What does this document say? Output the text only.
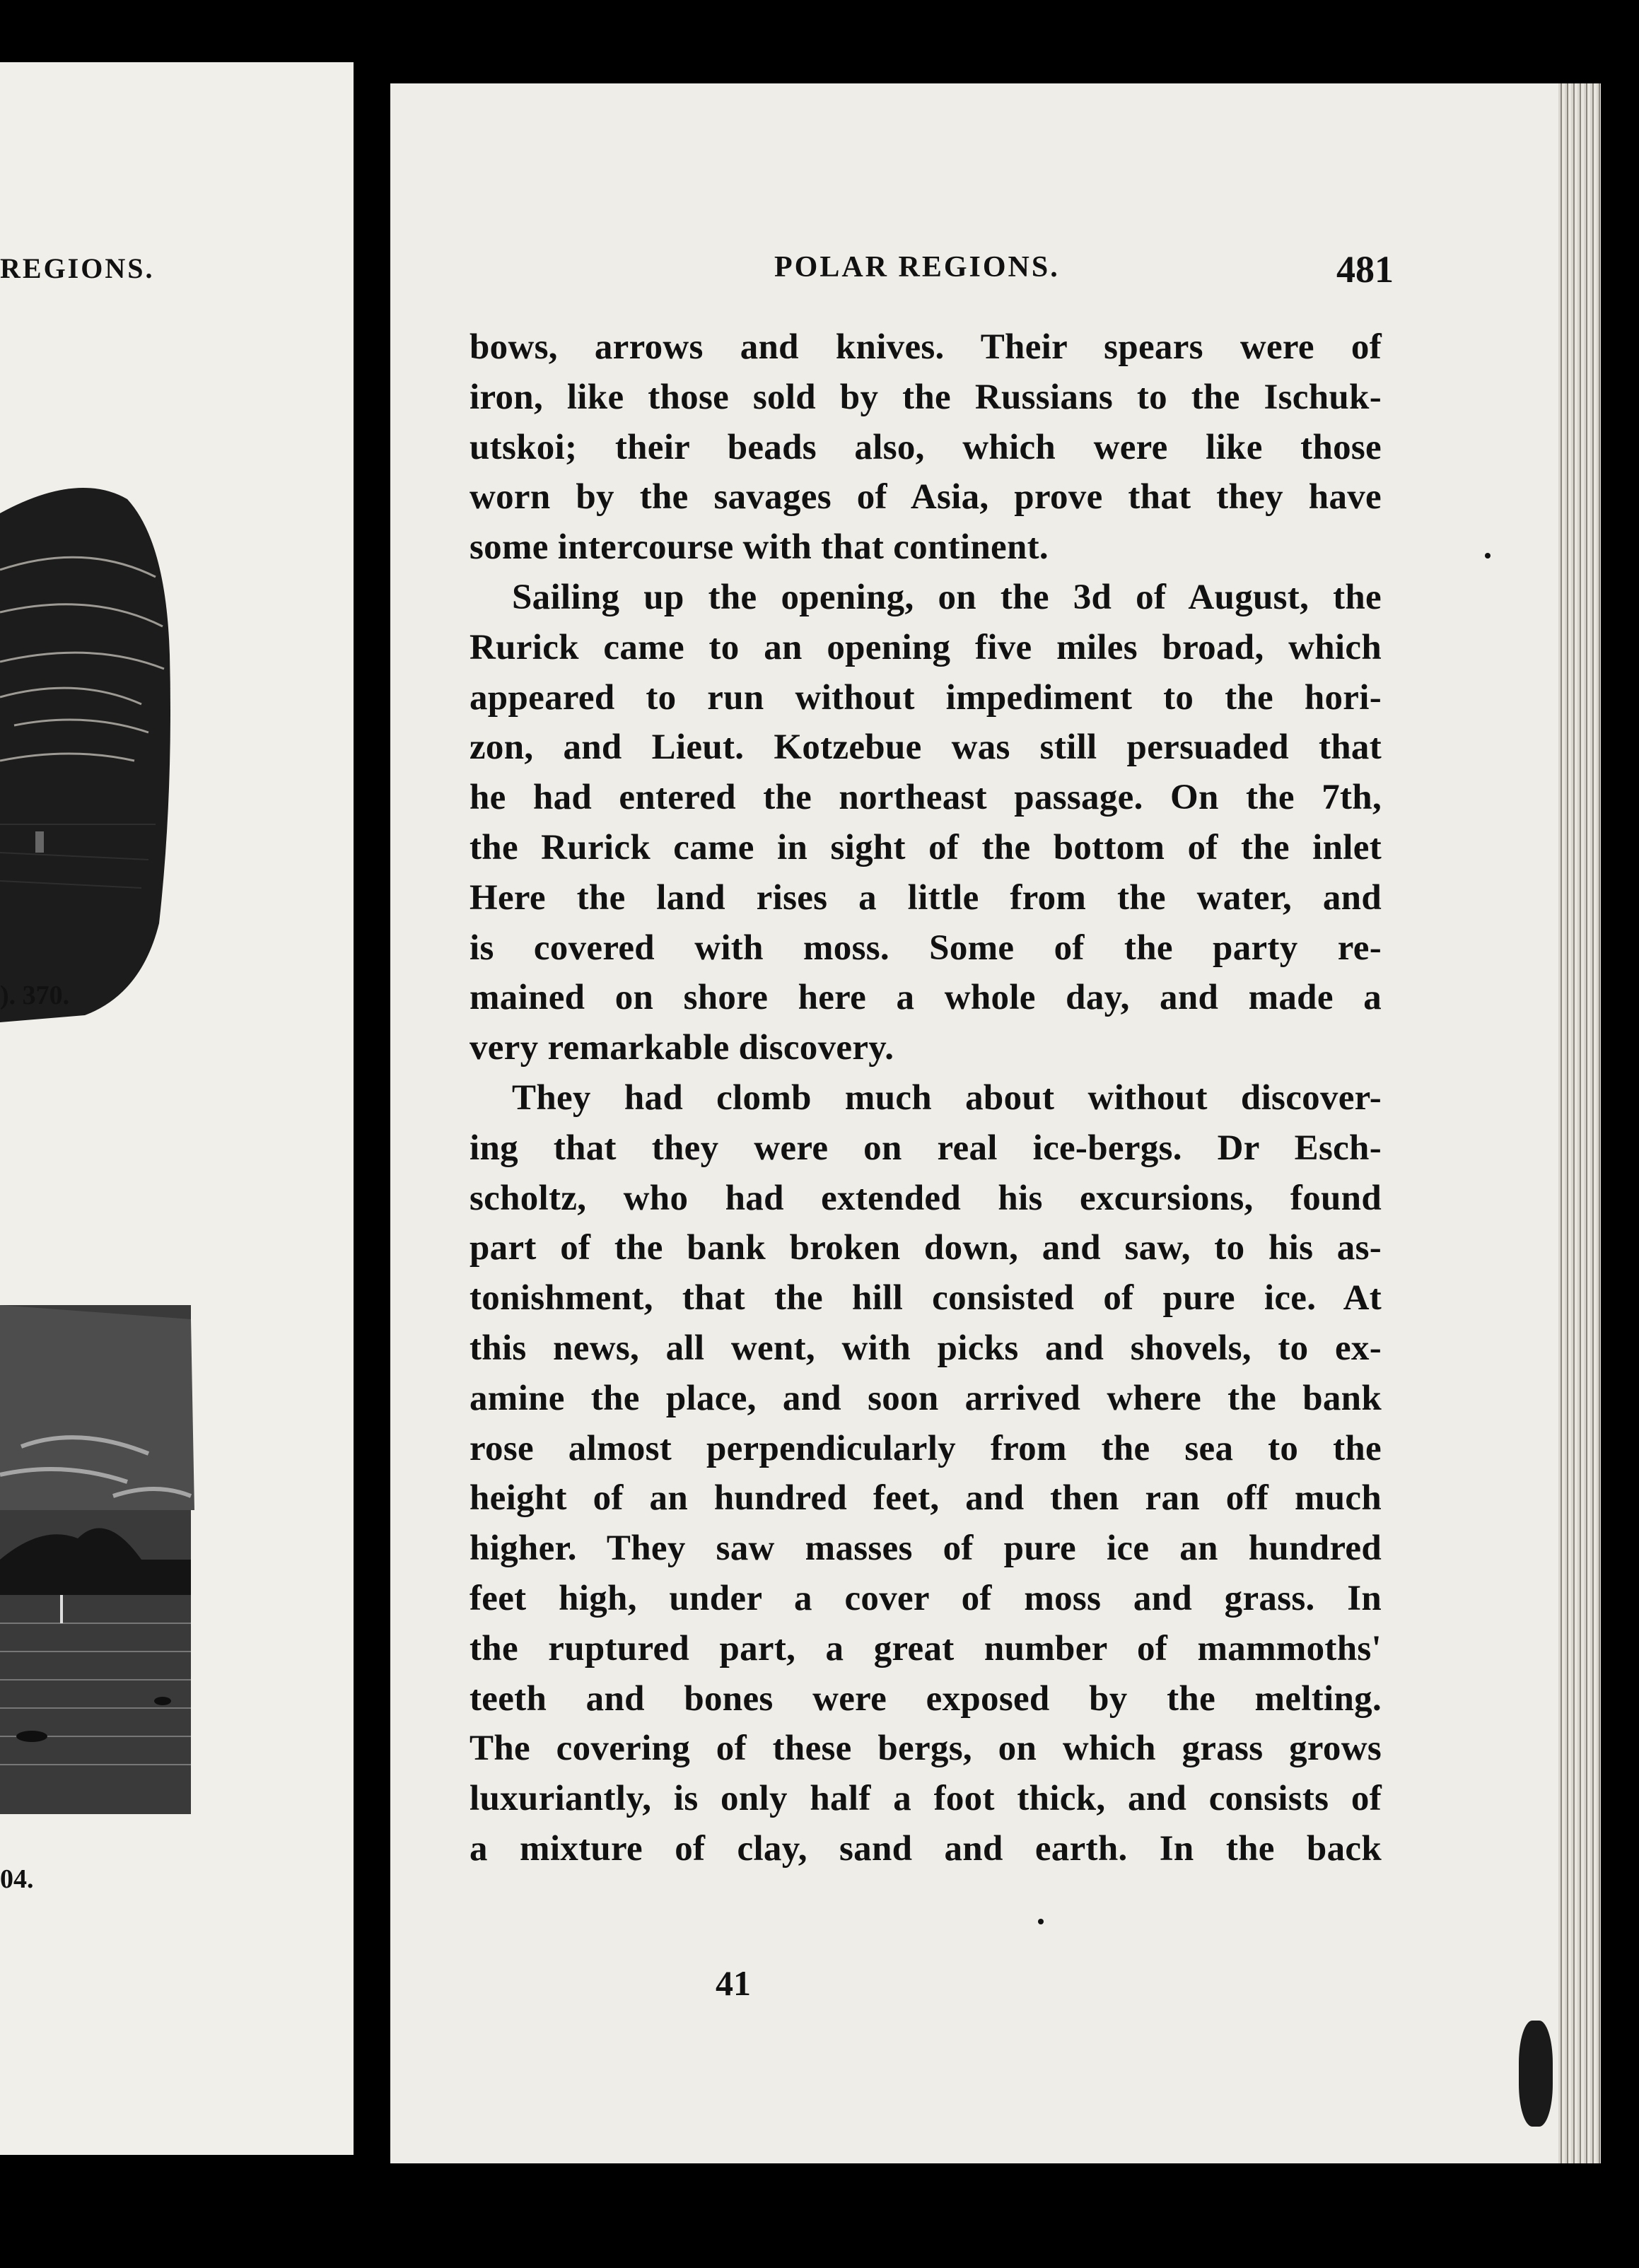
REGIONS.
). 370.
04.
POLAR REGIONS.	481
bows, arrows and knives. Their spears were of
iron, like those sold by the Russians to the Ischuk-
utskoi; their beads also, which were like those
worn by the savages of Asia, prove that they have
some intercourse with that continent.
Sailing up the opening, on the 3d of August, the
Rurick came to an opening five miles broad, which
appeared to run without impediment to the hori-
zon, and Lieut. Kotzebue was still persuaded that
he had entered the northeast passage. On the 7th,
the Rurick came in sight of the bottom of the inlet
Here the land rises a little from the water, and
is covered with moss. Some of the party re-
mained on shore here a whole day, and made a
very remarkable discovery.
They had clomb much about without discover-
ing that they were on real ice-bergs. Dr Esch-
scholtz, who had extended his excursions, found
part of the bank broken down, and saw, to his as-
tonishment, that the hill consisted of pure ice. At
this news, all went, with picks and shovels, to ex-
amine the place, and soon arrived where the bank
rose almost perpendicularly from the sea to the
height of an hundred feet, and then ran off much
higher. They saw masses of pure ice an hundred
feet high, under a cover of moss and grass. In
the ruptured part, a great number of mammoths'
teeth and bones were exposed by the melting.
The covering of these bergs, on which grass grows
luxuriantly, is only half a foot thick, and consists of
a mixture of clay, sand and earth. In the back
41
